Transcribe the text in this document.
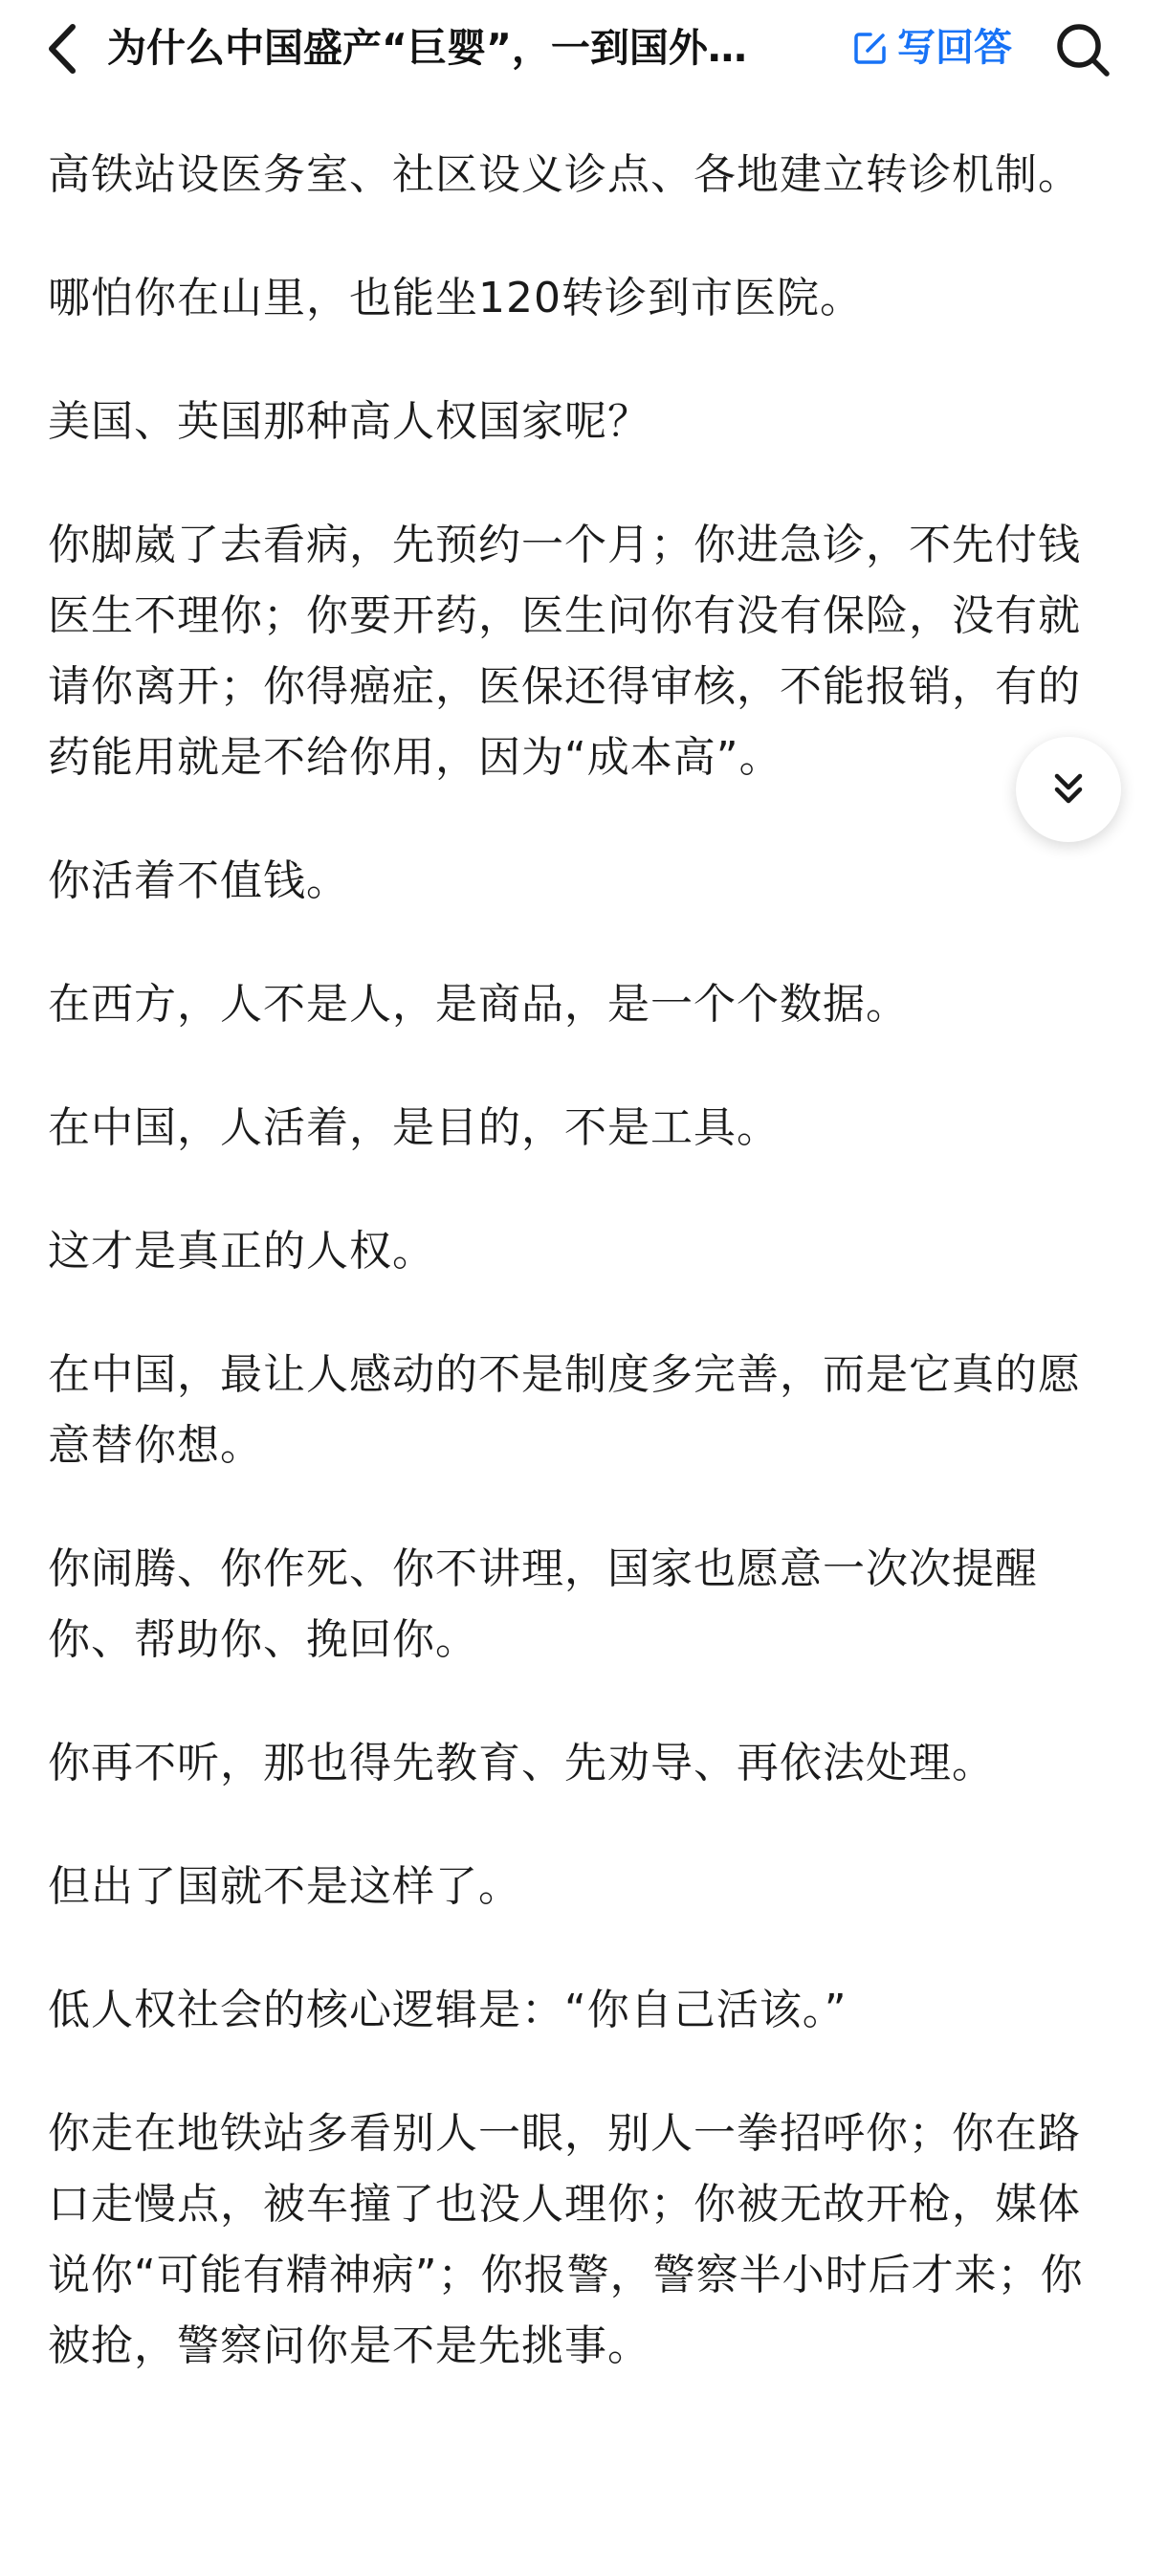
为什么中国盛产“巨婴”，一到国外…	写回答

高铁站设医务室、社区设义诊点、各地建立转诊机制。

哪怕你在山里，也能坐120转诊到市医院。

美国、英国那种高人权国家呢？

你脚崴了去看病，先预约一个月；你进急诊，不先付钱医生不理你；你要开药，医生问你有没有保险，没有就请你离开；你得癌症，医保还得审核，不能报销，有的药能用就是不给你用，因为“成本高”。

你活着不值钱。

在西方，人不是人，是商品，是一个个数据。

在中国，人活着，是目的，不是工具。

这才是真正的人权。

在中国，最让人感动的不是制度多完善，而是它真的愿意替你想。

你闹腾、你作死、你不讲理，国家也愿意一次次提醒你、帮助你、挽回你。

你再不听，那也得先教育、先劝导、再依法处理。

但出了国就不是这样了。

低人权社会的核心逻辑是：“你自己活该。”

你走在地铁站多看别人一眼，别人一拳招呼你；你在路口走慢点，被车撞了也没人理你；你被无故开枪，媒体说你“可能有精神病”；你报警，警察半小时后才来；你被抢，警察问你是不是先挑事。
